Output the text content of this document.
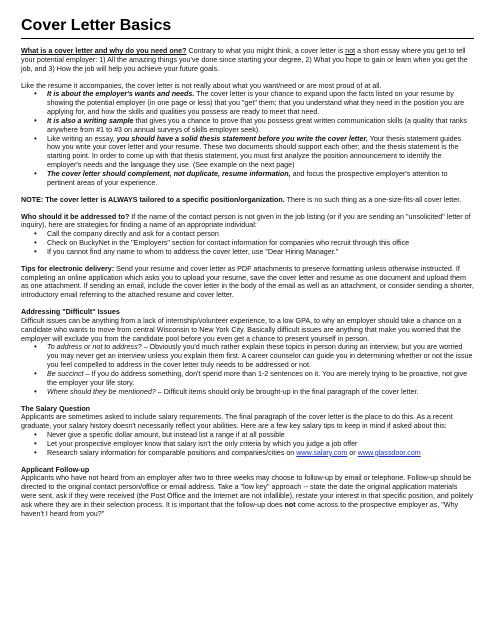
Cover Letter Basics

What is a cover letter and why do you need one? Contrary to what you might think, a cover letter is not a short essay where you get to tell your potential employer: 1) All the amazing things you've done since starting your degree, 2) What you hope to gain or learn when you get the job, and 3) How the job will help you achieve your future goals.

Like the resume it accompanies, the cover letter is not really about what you want/need or are most proud of at all.
• It is about the employer's wants and needs. The cover letter is your chance to expand upon the facts listed on your resume by showing the potential employer (in one page or less) that you "get" them; that you understand what they need in the position you are applying for, and how the skills and qualities you possess are ready to meet that need.
• It is also a writing sample that gives you a chance to prove that you possess great written communication skills (a quality that ranks anywhere from #1 to #3 on annual surveys of skills employer seek).
• Like writing an essay, you should have a solid thesis statement before you write the cover letter. Your thesis statement guides how you write your cover letter and your resume. These two documents should support each other; and the thesis statement is the starting point. In order to come up with that thesis statement, you must first analyze the position announcement to identify the employer's needs and the language they use. (See example on the next page)
• The cover letter should complement, not duplicate, resume information, and focus the prospective employer's attention to pertinent areas of your experience.

NOTE: The cover letter is ALWAYS tailored to a specific position/organization. There is no such thing as a one-size-fits-all cover letter.

Who should it be addressed to? If the name of the contact person is not given in the job listing (or if you are sending an "unsolicited" letter of inquiry), here are strategies for finding a name of an appropriate individual:
• Call the company directly and ask for a contact person
• Check on BuckyNet in the "Employers" section for contact information for companies who recruit through this office
• If you cannot find any name to whom to address the cover letter, use "Dear Hiring Manager."

Tips for electronic delivery: Send your resume and cover letter as PDF attachments to preserve formatting unless otherwise instructed. If completing an online application which asks you to upload your resume, save the cover letter and resume as one document and upload them as one attachment. If sending an email, include the cover letter in the body of the email as well as an attachment, or consider sending a shorter, introductory email referring to the attached resume and cover letter.

Addressing "Difficult" Issues
Difficult issues can be anything from a lack of internship/volunteer experience, to a low GPA, to why an employer should take a chance on a candidate who wants to move from central Wisconsin to New York City. Basically difficult issues are anything that make you worried that the employer will exclude you from the candidate pool before you even get a chance to present yourself in person.
• To address or not to address? – Obviously you'd much rather explain these topics in person during an interview, but you are worried you may never get an interview unless you explain them first. A career counselor can guide you in determining whether or not the issue you feel compelled to address in the cover letter truly needs to be addressed or not.
• Be succinct – If you do address something, don't spend more than 1-2 sentences on it. You are merely trying to be proactive, not give the employer your life story.
• Where should they be mentioned? – Difficult items should only be brought-up in the final paragraph of the cover letter.
The Salary Question
Applicants are sometimes asked to include salary requirements. The final paragraph of the cover letter is the place to do this. As a recent graduate, your salary history doesn't necessarily reflect your abilities. Here are a few key salary tips to keep in mind if asked about this:
• Never give a specific dollar amount, but instead list a range if at all possible
• Let your prospective employer know that salary isn't the only criteria by which you judge a job offer
• Research salary information for comparable positions and companies/cities on www.salary.com or www.glassdoor.com
Applicant Follow-up
Applicants who have not heard from an employer after two to three weeks may choose to follow-up by email or telephone. Follow-up should be directed to the original contact person/office or email address. Take a "low key" approach -- state the date the original application materials were sent, ask if they were received (the Post Office and the Internet are not infallible), restate your interest in that specific position, and politely ask where they are in their selection process. It is important that the follow-up does not come across to the prospective employer as, "Why haven't I heard from you?"
